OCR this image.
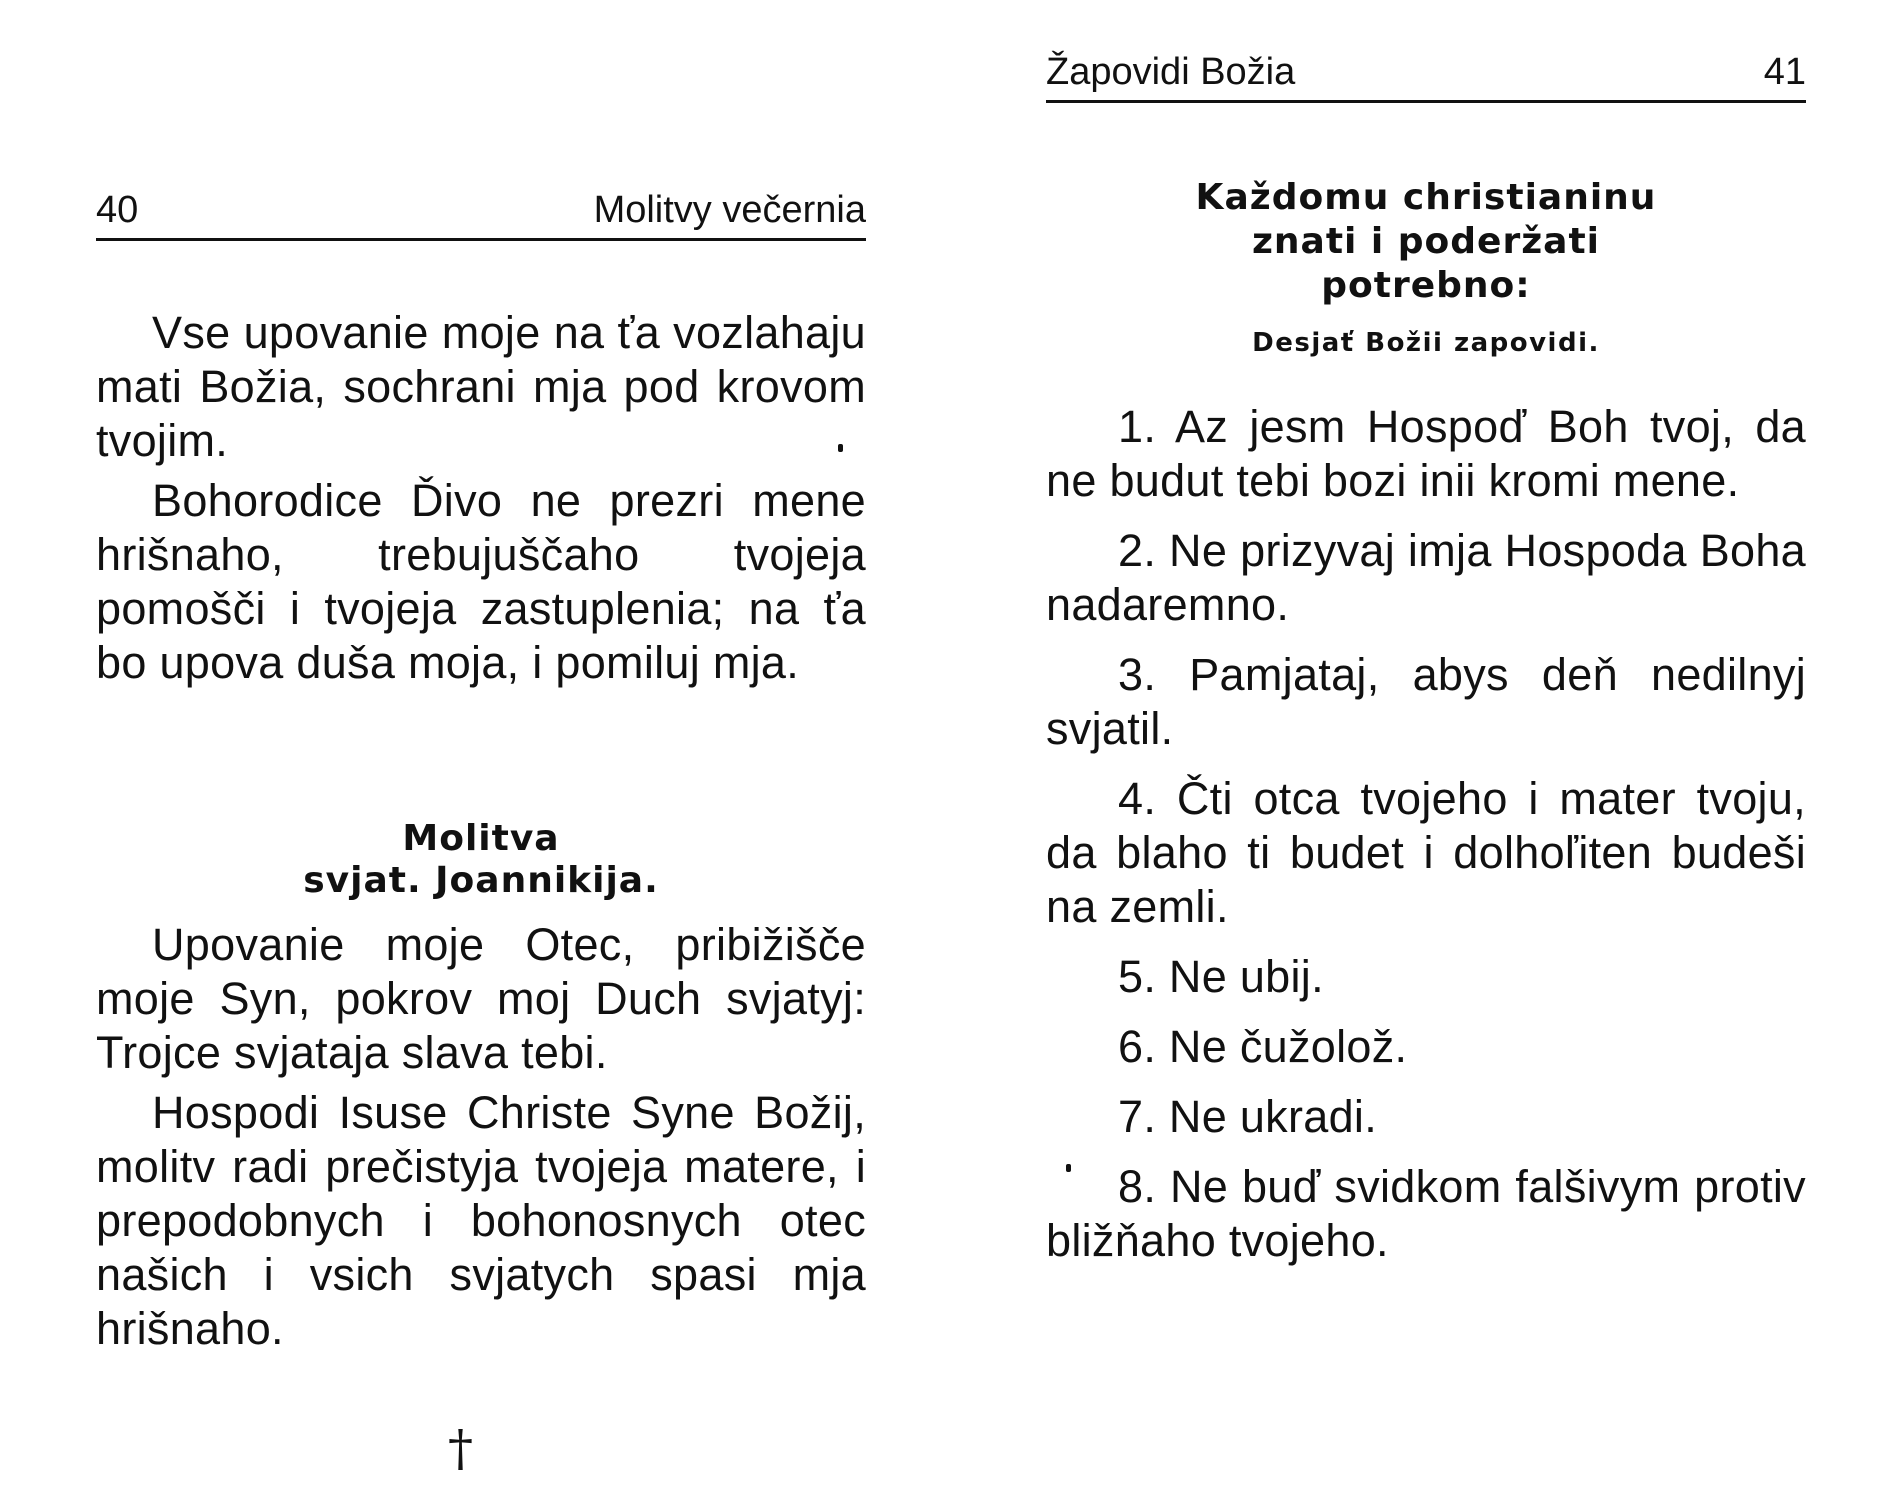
40	Molitvy večernia

Vse upovanie moje na ťa vozlahaju mati Božia, sochrani mja pod krovom tvojim.

Bohorodice Ďivo ne prezri mene hrišnaho, trebujuščaho tvojeja pomošči i tvojeja zastuplenia; na ťa bo upova duša moja, i pomiluj mja.

Molitva
svjat. Joannikija.

Upovanie moje Otec, pribižišče moje Syn, pokrov moj Duch svjatyj: Trojce svjataja slava tebi.

Hospodi Isuse Christe Syne Božij, molitv radi prečistyja tvojeja matere, i prepodobnych i bohonosnych otec našich i vsich svjatych spasi mja hrišnaho.

†
Žapovidi Božia	41
Každomu christianinu
znati i poderžati
potrebno:
Desjať Božii zapovidi.

1. Az jesm Hospoď Boh tvoj, da ne budut tebi bozi inii kromi mene.

2. Ne prizyvaj imja Hospoda Boha nadaremno.

3. Pamjataj, abys deň nedilnyj svjatil.

4. Čti otca tvojeho i mater tvoju, da blaho ti budet i dolhoľiten budeši na zemli.

5. Ne ubij.

6. Ne čužolož.

7. Ne ukradi.

8. Ne buď svidkom falšivym protiv bližňaho tvojeho.
